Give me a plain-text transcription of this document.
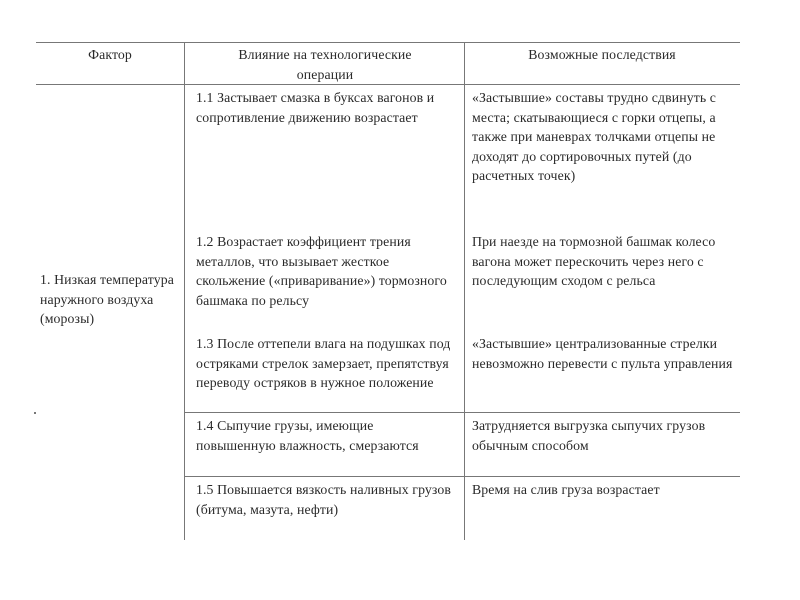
Фактор	Влияние на технологические операции
Возможные последствия
1. Низкая температура наружного воздуха (морозы)
1.1 Застывает смазка в буксах вагонов и сопротивление движению возрастает
«Застывшие» составы трудно сдвинуть с места; скатывающиеся с горки отцепы, а также при маневрах толчками отцепы не доходят до сортировочных путей (до расчетных точек)
1.2 Возрастает коэффициент трения металлов, что вызывает жесткое скольжение («приваривание») тормозного башмака по рельсу
При наезде на тормозной башмак колесо вагона может перескочить через него с последующим сходом с рельса
1.3 После оттепели влага на подушках под остряками стрелок замерзает, препятствуя переводу остряков в нужное положение
«Застывшие» централизованные стрелки невозможно перевести с пульта управления
1.4 Сыпучие грузы, имеющие повышенную влажность, смерзаются
Затрудняется выгрузка сыпучих грузов обычным способом
1.5 Повышается вязкость наливных грузов (битума, мазута, нефти)
Время на слив груза возрастает
